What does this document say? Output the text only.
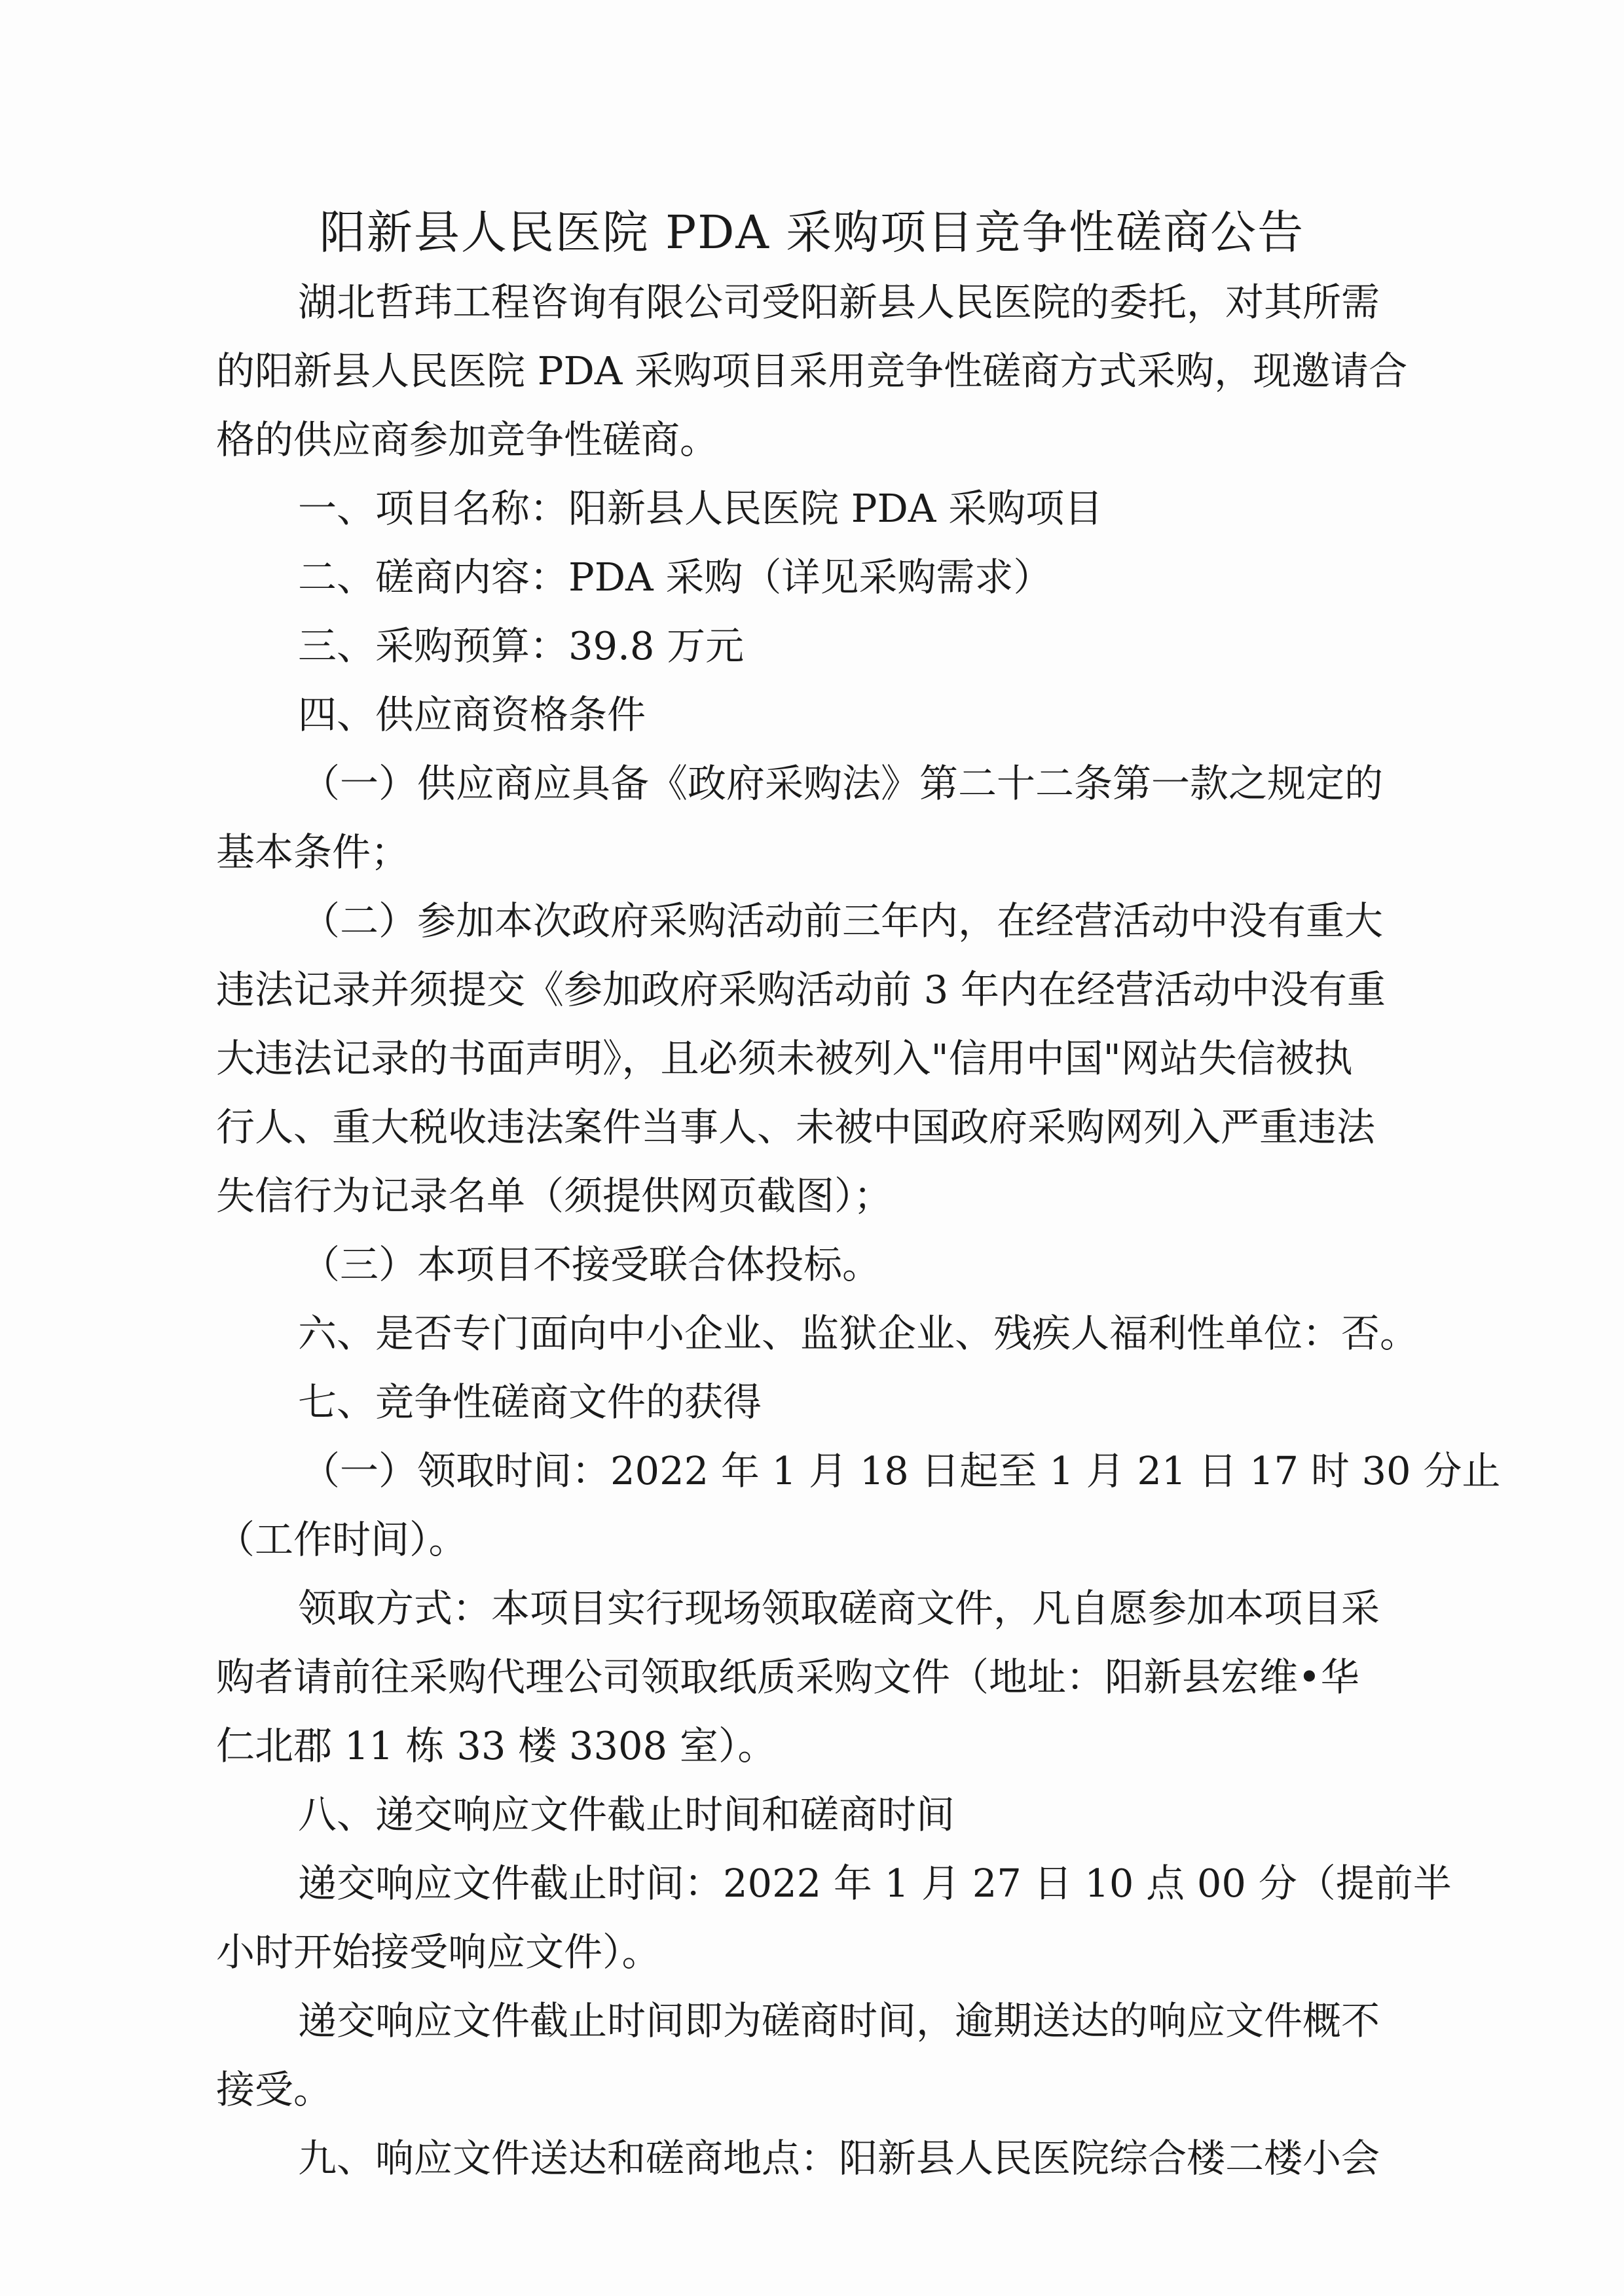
阳新县人民医院 PDA 采购项目竞争性磋商公告
湖北哲玮工程咨询有限公司受阳新县人民医院的委托，对其所需
的阳新县人民医院 PDA 采购项目采用竞争性磋商方式采购，现邀请合
格的供应商参加竞争性磋商。
一、项目名称：阳新县人民医院 PDA 采购项目
二、磋商内容：PDA 采购（详见采购需求）
三、采购预算：39.8 万元
四、供应商资格条件
（一）供应商应具备《政府采购法》第二十二条第一款之规定的
基本条件；
（二）参加本次政府采购活动前三年内，在经营活动中没有重大
违法记录并须提交《参加政府采购活动前 3 年内在经营活动中没有重
大违法记录的书面声明》，且必须未被列入"信用中国"网站失信被执
行人、重大税收违法案件当事人、未被中国政府采购网列入严重违法
失信行为记录名单（须提供网页截图）；
（三）本项目不接受联合体投标。
六、是否专门面向中小企业、监狱企业、残疾人福利性单位：否。
七、竞争性磋商文件的获得
（一）领取时间：2022 年 1 月 18 日起至 1 月 21 日 17 时 30 分止
（工作时间）。
领取方式：本项目实行现场领取磋商文件，凡自愿参加本项目采
购者请前往采购代理公司领取纸质采购文件（地址：阳新县宏维•华
仁北郡 11 栋 33 楼 3308 室）。
八、递交响应文件截止时间和磋商时间
递交响应文件截止时间：2022 年 1 月 27 日 10 点 00 分（提前半
小时开始接受响应文件）。
递交响应文件截止时间即为磋商时间，逾期送达的响应文件概不
接受。
九、响应文件送达和磋商地点：阳新县人民医院综合楼二楼小会
